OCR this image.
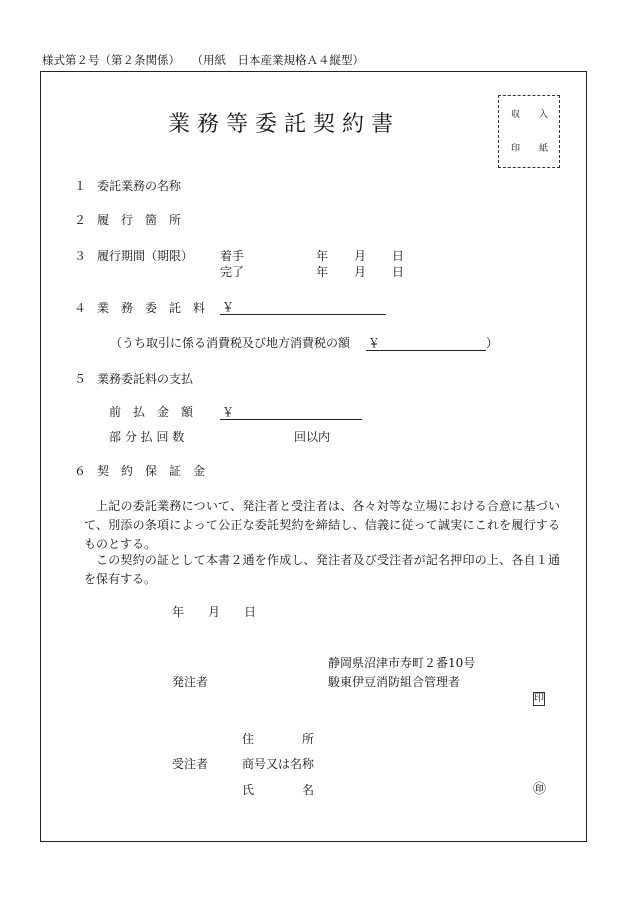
様式第２号（第２条関係）　　（用紙　日本産業規格Ａ４縦型）
業務等委託契約書	収 入
印 紙
１ 委託業務の名称
２ 履　行　箇　所
３ 履行期間（期限） 着手	年 月 日
完了	年 月 日
４ 業　務　委　託　料 ￥
（うち取引に係る消費税及び地方消費税の額 ￥	）
５ 業務委託料の支払
前　払　金　額 ￥
部 分 払 回 数	回以内
６ 契　約　保　証　金
上記の委託業務について、発注者と受注者は、各々対等な立場における合意に基づいて、別添の条項によって公正な委託契約を締結し、信義に従って誠実にこれを履行するものとする。
この契約の証として本書２通を作成し、発注者及び受注者が記名押印の上、各自１通を保有する。
年 月 日
静岡県沼津市寿町２番10号
発注者	駿東伊豆消防組合管理者
印
住　　　　所
受注者	商号又は名称
氏　　　　名	㊞
